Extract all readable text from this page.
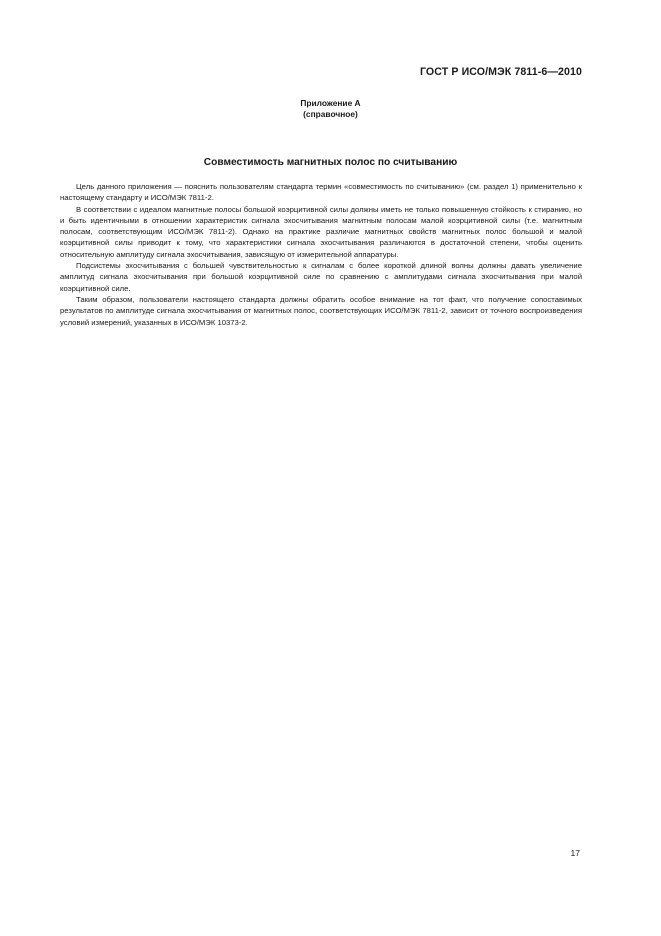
ГОСТ Р ИСО/МЭК 7811-6—2010
Приложение А
(справочное)
Совместимость магнитных полос по считыванию

Цель данного приложения — пояснить пользователям стандарта термин «совместимость по считыванию» (см. раздел 1) применительно к настоящему стандарту и ИСО/МЭК 7811-2.

В соответствии с идеалом магнитные полосы большой коэрцитивной силы должны иметь не только повышенную стойкость к стиранию, но и быть идентичными в отношении характеристик сигнала эхосчитывания магнитным полосам малой коэрцитивной силы (т.е. магнитным полосам, соответствующим ИСО/МЭК 7811-2). Однако на практике различие магнитных свойств магнитных полос большой и малой коэрцитивной силы приводит к тому, что характеристики сигнала эхосчитывания различаются в достаточной степени, чтобы оценить относительную амплитуду сигнала эхосчитывания, зависящую от измерительной аппаратуры.

Подсистемы эхосчитывания с большей чувствительностью к сигналам с более короткой длиной волны должны давать увеличение амплитуд сигнала эхосчитывания при большой коэрцитивной силе по сравнению с амплитудами сигнала эхосчитывания при малой коэрцитивной силе.

Таким образом, пользователи настоящего стандарта должны обратить особое внимание на тот факт, что получение сопоставимых результатов по амплитуде сигнала эхосчитывания от магнитных полос, соответствующих ИСО/МЭК 7811-2, зависит от точного воспроизведения условий измерений, указанных в ИСО/МЭК 10373-2.

17
